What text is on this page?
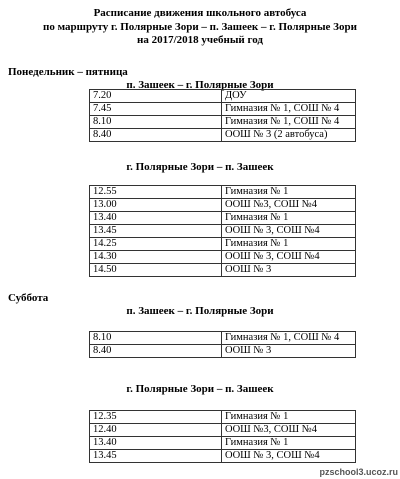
Расписание движения школьного автобуса
по маршруту г. Полярные Зори – п. Зашеек – г. Полярные Зори
на 2017/2018 учебный год
Понедельник – пятница
п. Зашеек – г. Полярные Зори
7.20	ДОУ
7.45	Гимназия № 1, СОШ № 4
8.10	Гимназия № 1, СОШ № 4
8.40	ООШ № 3 (2 автобуса)
г. Полярные Зори – п. Зашеек
12.55	Гимназия № 1
13.00	ООШ №3, СОШ №4
13.40	Гимназия № 1
13.45	ООШ № 3, СОШ №4
14.25	Гимназия № 1
14.30	ООШ № 3, СОШ №4
14.50	ООШ № 3
Суббота
п. Зашеек – г. Полярные Зори
8.10	Гимназия № 1, СОШ № 4
8.40	ООШ № 3
г. Полярные Зори – п. Зашеек
12.35	Гимназия № 1
12.40	ООШ №3, СОШ №4
13.40	Гимназия № 1
13.45	ООШ № 3, СОШ №4
pzschool3.ucoz.ru
